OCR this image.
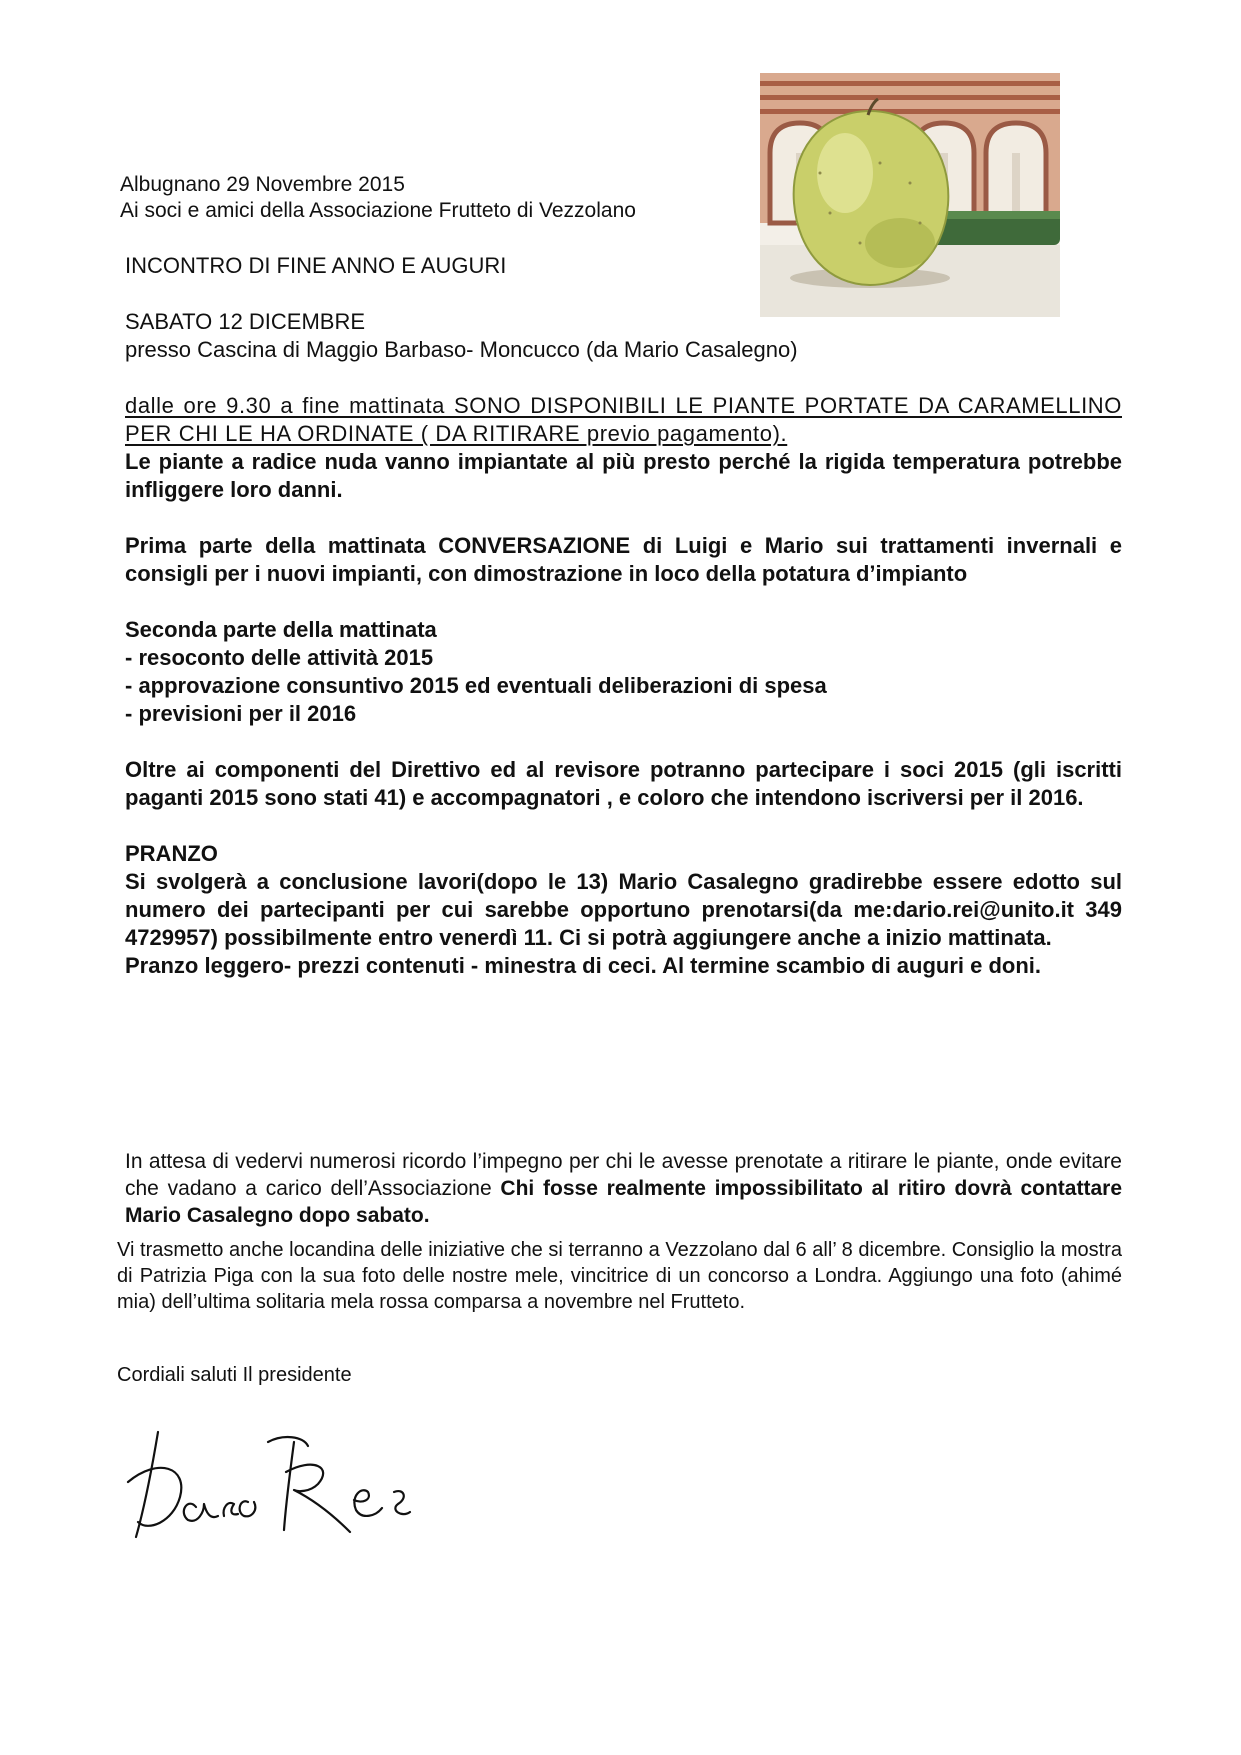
Albugnano 29 Novembre 2015
Ai soci e amici della Associazione Frutteto di Vezzolano

INCONTRO DI FINE ANNO E AUGURI

SABATO 12 DICEMBRE

presso Cascina di Maggio Barbaso- Moncucco (da Mario Casalegno)

dalle ore 9.30 a fine mattinata SONO DISPONIBILI LE PIANTE PORTATE DA CARAMELLINO PER CHI LE HA ORDINATE ( DA RITIRARE previo pagamento).

Le piante a radice nuda vanno impiantate al più presto perché la rigida temperatura potrebbe infliggere loro danni.

Prima parte della mattinata CONVERSAZIONE di Luigi e Mario sui trattamenti invernali e consigli per i nuovi impianti, con dimostrazione in loco della potatura d’impianto

Seconda parte della mattinata

- resoconto delle attività 2015

- approvazione consuntivo 2015 ed eventuali deliberazioni di spesa

- previsioni per il 2016

Oltre ai componenti del Direttivo ed al revisore potranno partecipare i soci 2015 (gli iscritti paganti 2015 sono stati 41) e accompagnatori , e coloro che intendono iscriversi per il 2016.

PRANZO

Si svolgerà a conclusione lavori(dopo le 13) Mario Casalegno gradirebbe essere edotto sul numero dei partecipanti per cui sarebbe opportuno prenotarsi(da me:dario.rei@unito.it 349 4729957) possibilmente entro venerdì 11. Ci si potrà aggiungere anche a inizio mattinata.

Pranzo leggero- prezzi contenuti - minestra di ceci. Al termine scambio di auguri e doni.

In attesa di vedervi numerosi ricordo l’impegno per chi le avesse prenotate a ritirare le piante, onde evitare che vadano a carico dell’Associazione Chi fosse realmente impossibilitato al ritiro dovrà contattare Mario Casalegno dopo sabato.

Vi trasmetto anche locandina delle iniziative che si terranno a Vezzolano dal 6 all’ 8 dicembre. Consiglio la mostra di Patrizia Piga con la sua foto delle nostre mele, vincitrice di un concorso a Londra. Aggiungo una foto (ahimé mia) dell’ultima solitaria mela rossa comparsa a novembre nel Frutteto.

Cordiali saluti Il presidente
